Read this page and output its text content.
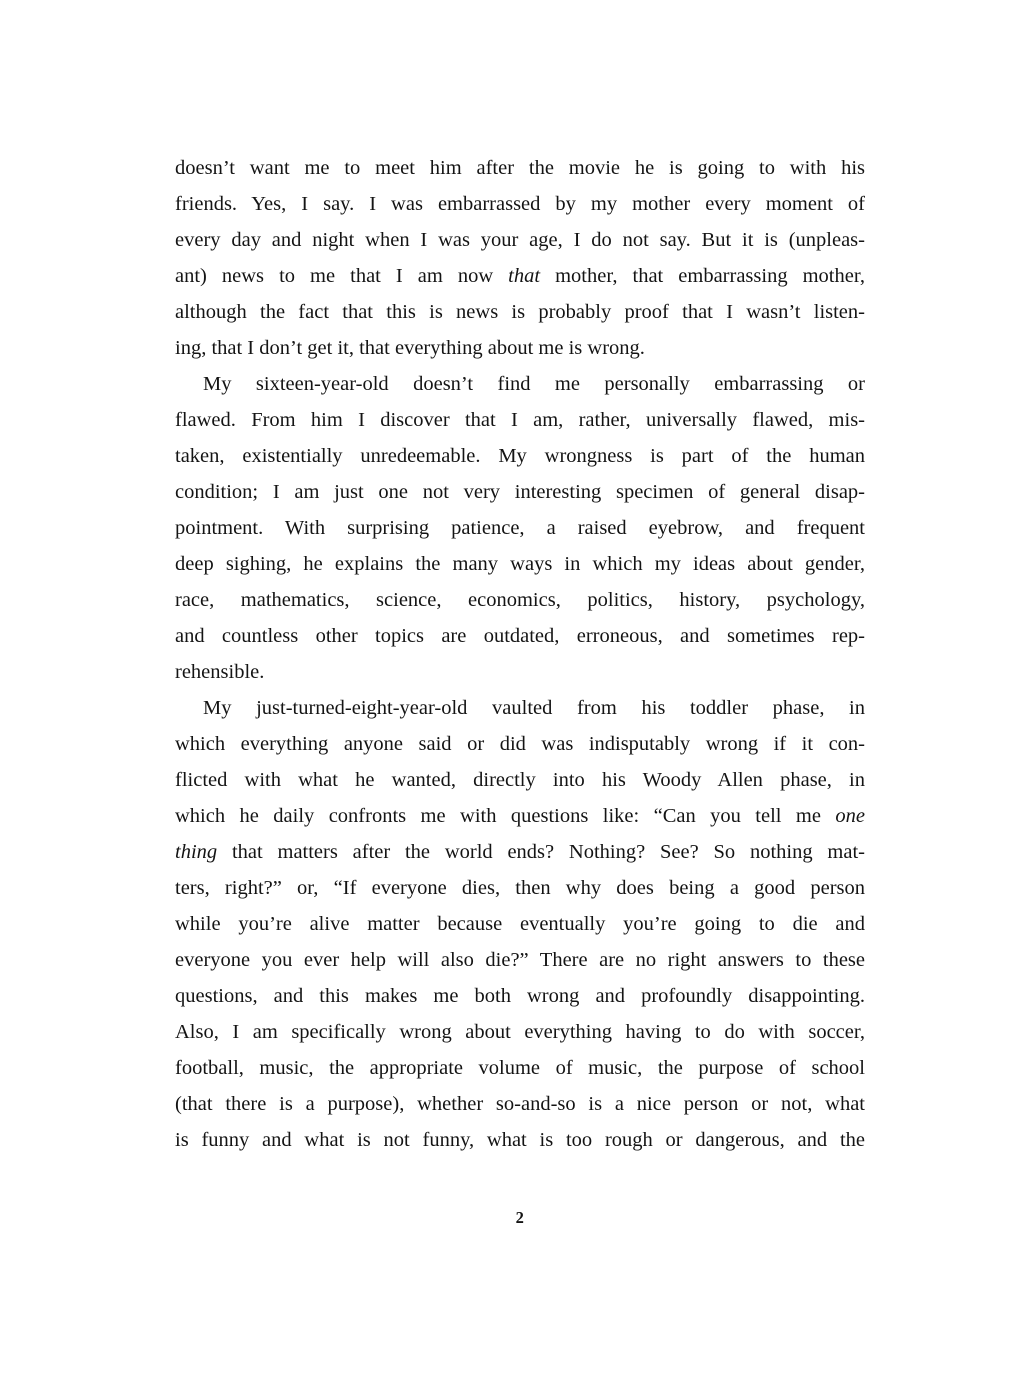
doesn’t want me to meet him after the movie he is going to with his
friends. Yes, I say. I was embarrassed by my mother every moment of
every day and night when I was your age, I do not say. But it is (unpleas-
ant) news to me that I am now that mother, that embarrassing mother,
although the fact that this is news is probably proof that I wasn’t listen-
ing, that I don’t get it, that everything about me is wrong.
My sixteen-year-old doesn’t find me personally embarrassing or
flawed. From him I discover that I am, rather, universally flawed, mis-
taken, existentially unredeemable. My wrongness is part of the human
condition; I am just one not very interesting specimen of general disap-
pointment. With surprising patience, a raised eyebrow, and frequent
deep sighing, he explains the many ways in which my ideas about gender,
race, mathematics, science, economics, politics, history, psychology,
and countless other topics are outdated, erroneous, and sometimes rep-
rehensible.
My just-turned-eight-year-old vaulted from his toddler phase, in
which everything anyone said or did was indisputably wrong if it con-
flicted with what he wanted, directly into his Woody Allen phase, in
which he daily confronts me with questions like: “Can you tell me one
thing that matters after the world ends? Nothing? See? So nothing mat-
ters, right?” or, “If everyone dies, then why does being a good person
while you’re alive matter because eventually you’re going to die and
everyone you ever help will also die?” There are no right answers to these
questions, and this makes me both wrong and profoundly disappointing.
Also, I am specifically wrong about everything having to do with soccer,
football, music, the appropriate volume of music, the purpose of school
(that there is a purpose), whether so-and-so is a nice person or not, what
is funny and what is not funny, what is too rough or dangerous, and the
2
